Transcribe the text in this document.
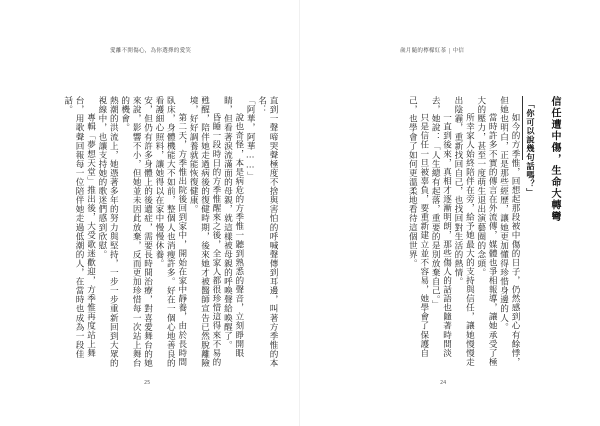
愛離不開傷心，為你選擇的愛笑

直到一聲啼哭聲極度不捨與害怕的呼喊聲傳到耳邊，叫著方季惟的本名：

「阿華，阿華……」

說也奇怪，本是病危的方季惟一聽到熟悉的聲音，立刻睜開眼睛，但看著淚流滿面的母親，就這樣被母親的呼喚聲給喚醒了。

昏睡一段時日的方季惟醒來之後，全家人都很珍惜這得來不易的甦醒，陪伴她走過病後的復健時期，後來她才被醫師宣告已然脫離險境，好好調養就能恢復健康。

第二天，方季惟出院後回到家中，開始在家中靜養，由於長時間臥床，身體機能大不如前，整個人也消瘦許多。好在一個心地善良的看護細心照料，讓她得以在家中慢慢休養。

安，但仍有許多身體上的後遺症，需要長時間治療，對喜愛舞台的她來說，影響不小，但她並未因此放棄，反而更加珍惜每一次站上舞台的機會。

熱潮的洪流上，她憑著多年的努力與堅持，一步一步重新回到大眾的視線中，也讓支持她的歌迷們感到欣慰。

專輯「夢想天堂」推出後，大受歌迷歡迎，方季惟再度站上舞台，用歌聲回報每一位陪伴她走過低潮的人，在當時也成為一段佳話。

25
歲月隨的檸檬紅茶 | 中信
信任遭中傷，生命大轉彎
「你可以說幾句話嗎？」

如今的方季惟，回想起那段被中傷的日子，仍然感到心有餘悸，但她也明白，正是那些經歷，讓她更加懂得珍惜身邊的人。

當時許多不實的傳言在外流傳，媒體也爭相報導，讓她承受了極大的壓力，甚至一度萌生退出演藝圈的念頭。

所幸家人始終陪伴在旁，給予她最大的支持與信任，讓她慢慢走出陰霾，重新找回自己，也找回對生活的熱情。

一直到後來，真相才逐漸明朗，那些傷人的話語也隨著時間淡去，她說：「人生總有起落，重要的是別放棄自己。」

只是信任一旦被辜負，要重新建立並不容易，她學會了保護自己，也學會了如何更溫柔地看待這個世界。

24
